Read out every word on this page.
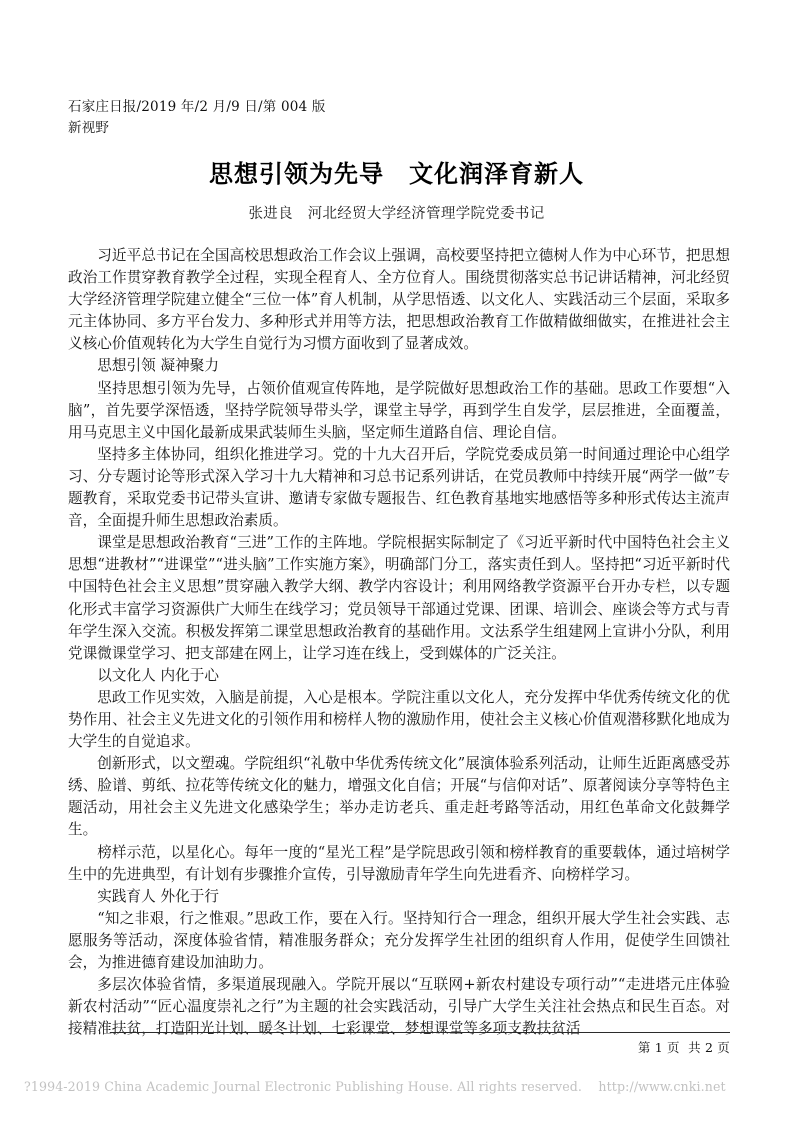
石家庄日报/2019 年/2 月/9 日/第 004 版
新视野
思想引领为先导　文化润泽育新人
张进良　河北经贸大学经济管理学院党委书记

习近平总书记在全国高校思想政治工作会议上强调，高校要坚持把立德树人作为中心环节，把思想政治工作贯穿教育教学全过程，实现全程育人、全方位育人。围绕贯彻落实总书记讲话精神，河北经贸大学经济管理学院建立健全“三位一体”育人机制，从学思悟透、以文化人、实践活动三个层面，采取多元主体协同、多方平台发力、多种形式并用等方法，把思想政治教育工作做精做细做实，在推进社会主义核心价值观转化为大学生自觉行为习惯方面收到了显著成效。

思想引领 凝神聚力

坚持思想引领为先导，占领价值观宣传阵地，是学院做好思想政治工作的基础。思政工作要想“入脑”，首先要学深悟透，坚持学院领导带头学，课堂主导学，再到学生自发学，层层推进，全面覆盖，用马克思主义中国化最新成果武装师生头脑，坚定师生道路自信、理论自信。

坚持多主体协同，组织化推进学习。党的十九大召开后，学院党委成员第一时间通过理论中心组学习、分专题讨论等形式深入学习十九大精神和习总书记系列讲话，在党员教师中持续开展“两学一做”专题教育，采取党委书记带头宣讲、邀请专家做专题报告、红色教育基地实地感悟等多种形式传达主流声音，全面提升师生思想政治素质。

课堂是思想政治教育“三进”工作的主阵地。学院根据实际制定了《习近平新时代中国特色社会主义思想“进教材”“进课堂”“进头脑”工作实施方案》，明确部门分工，落实责任到人。坚持把“习近平新时代中国特色社会主义思想”贯穿融入教学大纲、教学内容设计；利用网络教学资源平台开办专栏，以专题化形式丰富学习资源供广大师生在线学习；党员领导干部通过党课、团课、培训会、座谈会等方式与青年学生深入交流。积极发挥第二课堂思想政治教育的基础作用。文法系学生组建网上宣讲小分队，利用党课微课堂学习、把支部建在网上，让学习连在线上，受到媒体的广泛关注。

以文化人 内化于心

思政工作见实效，入脑是前提，入心是根本。学院注重以文化人，充分发挥中华优秀传统文化的优势作用、社会主义先进文化的引领作用和榜样人物的激励作用，使社会主义核心价值观潜移默化地成为大学生的自觉追求。

创新形式，以文塑魂。学院组织“礼敬中华优秀传统文化”展演体验系列活动，让师生近距离感受苏绣、脸谱、剪纸、拉花等传统文化的魅力，增强文化自信；开展“与信仰对话”、原著阅读分享等特色主题活动，用社会主义先进文化感染学生；举办走访老兵、重走赶考路等活动，用红色革命文化鼓舞学生。

榜样示范，以星化心。每年一度的“星光工程”是学院思政引领和榜样教育的重要载体，通过培树学生中的先进典型，有计划有步骤推介宣传，引导激励青年学生向先进看齐、向榜样学习。

实践育人 外化于行

“知之非艰，行之惟艰。”思政工作，要在入行。坚持知行合一理念，组织开展大学生社会实践、志愿服务等活动，深度体验省情，精准服务群众；充分发挥学生社团的组织育人作用，促使学生回馈社会，为推进德育建设加油助力。

多层次体验省情，多渠道展现融入。学院开展以“互联网+新农村建设专项行动”“走进塔元庄体验新农村活动”“匠心温度崇礼之行”为主题的社会实践活动，引导广大学生关注社会热点和民生百态。对接精准扶贫，打造阳光计划、暖冬计划、七彩课堂、梦想课堂等多项支教扶贫活

第 1 页  共 2 页
?1994-2019 China Academic Journal Electronic Publishing House. All rights reserved.    http://www.cnki.net
